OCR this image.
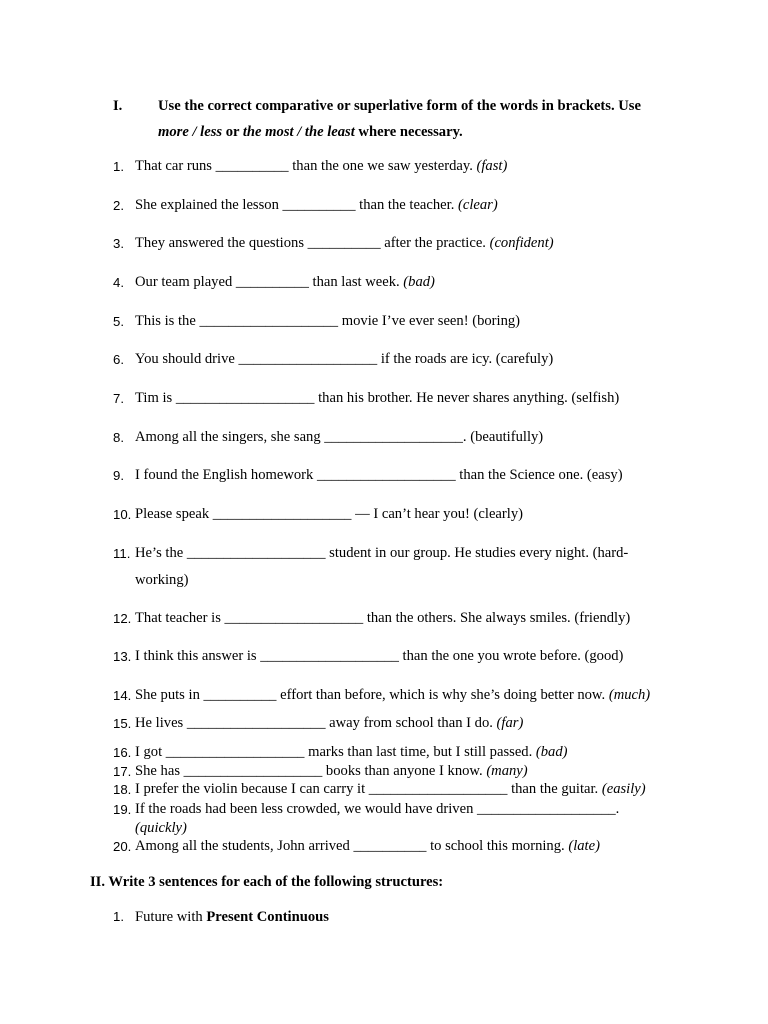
I. Use the correct comparative or superlative form of the words in brackets. Use more / less or the most / the least where necessary.
1. That car runs __________ than the one we saw yesterday. (fast)
2. She explained the lesson __________ than the teacher. (clear)
3. They answered the questions __________ after the practice. (confident)
4. Our team played __________ than last week. (bad)
5. This is the ___________________ movie I’ve ever seen! (boring)
6. You should drive ___________________ if the roads are icy. (carefuly)
7. Tim is ___________________ than his brother. He never shares anything. (selfish)
8. Among all the singers, she sang ___________________. (beautifully)
9. I found the English homework ___________________ than the Science one. (easy)
10. Please speak ___________________ — I can’t hear you! (clearly)
11. He’s the ___________________ student in our group. He studies every night. (hard-working)
12. That teacher is ___________________ than the others. She always smiles. (friendly)
13. I think this answer is ___________________ than the one you wrote before. (good)
14. She puts in __________ effort than before, which is why she’s doing better now. (much)
15. He lives ___________________ away from school than I do. (far)
16. I got ___________________ marks than last time, but I still passed. (bad)
17. She has ___________________ books than anyone I know. (many)
18. I prefer the violin because I can carry it ___________________ than the guitar. (easily)
19. If the roads had been less crowded, we would have driven ___________________. (quickly)
20. Among all the students, John arrived __________ to school this morning. (late)
II. Write 3 sentences for each of the following structures:
1. Future with Present Continuous
